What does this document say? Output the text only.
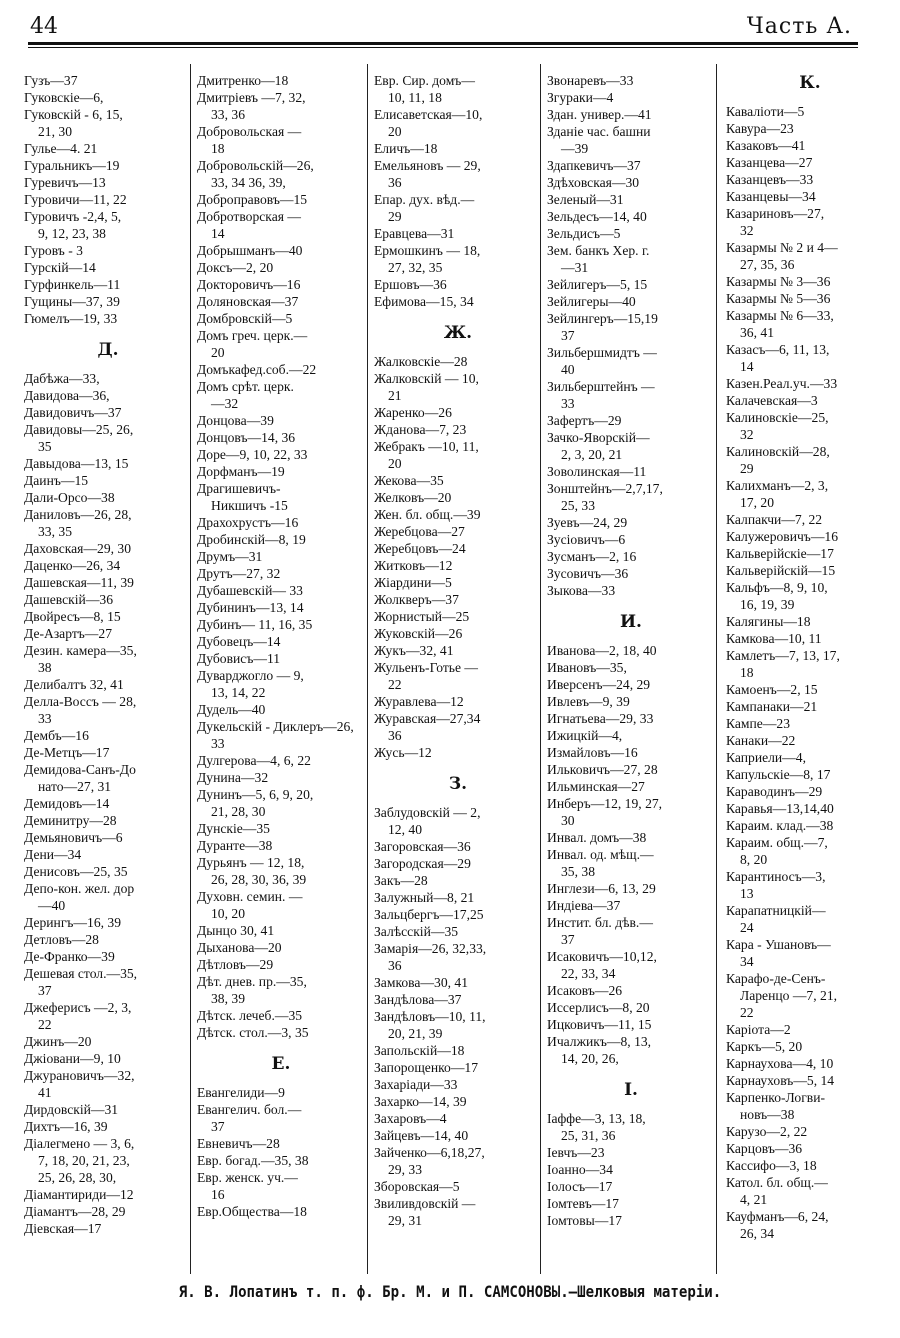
44	Часть А.
Гузъ—37
Гуковскіе—6,
Гуковскій - 6, 15,
21, 30
Гулье—4. 21
Гуральникъ—19
Гуревичъ—13
Гуровичи—11, 22
Гуровичъ -2,4, 5,
9, 12, 23, 38
Гуровъ - 3
Гурскій—14
Гурфинкель—11
Гущины—37, 39
Гюмелъ—19, 33
Д.
Дабѣжа—33,
Давидова—36,
Давидовичъ—37
Давидовы—25, 26,
35
Давыдова—13, 15
Даинъ—15
Дали-Орсо—38
Даниловъ—26, 28,
33, 35
Даховская—29, 30
Даценко—26, 34
Дашевская—11, 39
Дашевскій—36
Двойресъ—8, 15
Де-Азартъ—27
Дезин. камера—35,
38
Делибалтъ 32, 41
Делла-Воссъ — 28,
33
Дембъ—16
Де-Метцъ—17
Демидова-Санъ-До
нато—27, 31
Демидовъ—14
Деминитру—28
Демьяновичъ—6
Дени—34
Денисовъ—25, 35
Депо-кон. жел. дор
—40
Дерингъ—16, 39
Детловъ—28
Де-Франко—39
Дешевая стол.—35,
37
Джеферисъ —2, 3,
22
Джинъ—20
Джіовани—9, 10
Джурановичъ—32,
41
Дирдовскій—31
Дихтъ—16, 39
Діалегмено — 3, 6,
7, 18, 20, 21, 23,
25, 26, 28, 30,
Діамантириди—12
Діамантъ—28, 29
Діевская—17
Дмитренко—18
Дмитріевъ —7, 32,
33, 36
Добровольская —
18
Добровольскій—26,
33, 34 36, 39,
Доброправовъ—15
Добротворская —
14
Добрышманъ—40
Доксъ—2, 20
Докторовичъ—16
Доляновская—37
Домбровскій—5
Домъ греч. церк.—
20
Домъкафед.соб.—22
Домъ срѣт. церк.
—32
Донцова—39
Донцовъ—14, 36
Доре—9, 10, 22, 33
Дорфманъ—19
Драгишевичъ-
Никшичъ -15
Драхохрустъ—16
Дробинскій—8, 19
Друмъ—31
Друтъ—27, 32
Дубашевскій— 33
Дубининъ—13, 14
Дубинъ— 11, 16, 35
Дубовецъ—14
Дубовисъ—11
Дуварджогло — 9,
13, 14, 22
Дудель—40
Дукельскій - Диклеръ—26, 33
Дулгерова—4, 6, 22
Дунина—32
Дунинъ—5, 6, 9, 20,
21, 28, 30
Дунскіе—35
Дуранте—38
Дурьянъ — 12, 18,
26, 28, 30, 36, 39
Духовн. семин. —
10, 20
Дынцо 30, 41
Дыханова—20
Дѣтловъ—29
Дѣт. днев. пр.—35,
38, 39
Дѣтск. лечеб.—35
Дѣтск. стол.—3, 35
Е.
Евангелиди—9
Евангелич. бол.—
37
Евневичъ—28
Евр. богад.—35, 38
Евр. женск. уч.—
16
Евр.Общества—18
Евр. Сир. домъ—
10, 11, 18
Елисаветская—10,
20
Еличъ—18
Емельяновъ — 29,
36
Епар. дух. вѣд.—
29
Еравцева—31
Ермошкинъ — 18,
27, 32, 35
Ершовъ—36
Ефимова—15, 34
Ж.
Жалковскіе—28
Жалковскій — 10,
21
Жаренко—26
Жданова—7, 23
Жебракъ —10, 11,
20
Жекова—35
Желковъ—20
Жен. бл. общ.—39
Жеребцова—27
Жеребцовъ—24
Житковъ—12
Жіардини—5
Жолкверъ—37
Жорнистый—25
Жуковскій—26
Жукъ—32, 41
Жульенъ-Готье —
22
Журавлева—12
Журавская—27,34
36
Жусь—12
З.
Заблудовскій — 2,
12, 40
Загоровская—36
Загородская—29
Закъ—28
Залужный—8, 21
Зальцбергъ—17,25
Залѣсскій—35
Замарія—26, 32,33,
36
Замкова—30, 41
Зандѣлова—37
Зандѣловъ—10, 11,
20, 21, 39
Запольскій—18
Запорощенко—17
Захаріади—33
Захарко—14, 39
Захаровъ—4
Зайцевъ—14, 40
Зайченко—6,18,27,
29, 33
Зборовская—5
Звиливдовскій —
29, 31
Звонаревъ—33
Згураки—4
Здан. универ.—41
Зданіе час. башни
—39
Здапкевичъ—37
Здѣховская—30
Зеленый—31
Зельдесъ—14, 40
Зельдисъ—5
Зем. банкъ Хер. г.
—31
Зейлигеръ—5, 15
Зейлигеры—40
Зейлингеръ—15,19
37
Зильбершмидтъ —
40
Зильберштейнъ —
33
Зафертъ—29
Зачко-Яворскій—
2, 3, 20, 21
Зоволинская—11
Зонштейнъ—2,7,17,
25, 33
Зуевъ—24, 29
Зусіовичъ—6
Зусманъ—2, 16
Зусовичъ—36
Зыкова—33
И.
Иванова—2, 18, 40
Ивановъ—35,
Иверсенъ—24, 29
Ивлевъ—9, 39
Игнатьева—29, 33
Ижицкій—4,
Измайловъ—16
Ильковичъ—27, 28
Ильминская—27
Инберъ—12, 19, 27,
30
Инвал. домъ—38
Инвал. од. мѣщ.—
35, 38
Инглези—6, 13, 29
Индіева—37
Инстит. бл. дѣв.—
37
Исаковичъ—10,12,
22, 33, 34
Исаковъ—26
Иссерлисъ—8, 20
Ицковичъ—11, 15
Ичалжикъ—8, 13,
14, 20, 26,
І.
Іаффе—3, 13, 18,
25, 31, 36
Іевчъ—23
Іоанно—34
Іолосъ—17
Іомтевъ—17
Іомтовы—17
К.
Кавалioти—5
Кавура—23
Казаковъ—41
Казанцева—27
Казанцевъ—33
Казанцевы—34
Казариновъ—27,
32
Казармы № 2 и 4—
27, 35, 36
Казармы № 3—36
Казармы № 5—36
Казармы № 6—33,
36, 41
Казасъ—6, 11, 13,
14
Казен.Реал.уч.—33
Калачевская—3
Калиновскіе—25,
32
Калиновскій—28,
29
Калихманъ—2, 3,
17, 20
Калпакчи—7, 22
Калужеровичъ—16
Кальверійскіе—17
Кальверійскій—15
Кальфъ—8, 9, 10,
16, 19, 39
Калягины—18
Камкова—10, 11
Камлетъ—7, 13, 17,
18
Камоенъ—2, 15
Кампанаки—21
Кампе—23
Канаки—22
Каприели—4,
Капульскіе—8, 17
Караводинъ—29
Каравья—13,14,40
Караим. клад.—38
Караим. общ.—7,
8, 20
Карантиносъ—3,
13
Карапатницкій—
24
Кара - Ушановъ—
34
Карафо-де-Сенъ-
Ларенцо —7, 21,
22
Каріота—2
Каркъ—5, 20
Карнаухова—4, 10
Карнауховъ—5, 14
Карпенко-Логви-
новъ—38
Карузо—2, 22
Карцовъ—36
Кассифо—3, 18
Катол. бл. общ.—
4, 21
Кауфманъ—6, 24,
26, 34
Я. В. Лопатинъ т. п. ф. Бр. М. и П. САМСОНОВЫ.—Шелковыя матеріи.
